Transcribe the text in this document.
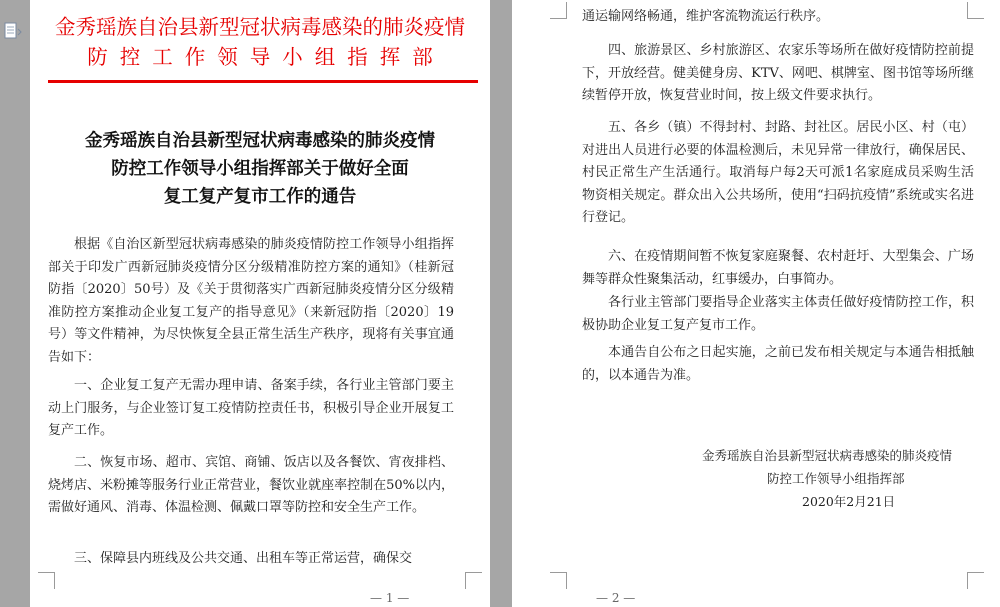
金秀瑶族自治县新型冠状病毒感染的肺炎疫情
防控工作领导小组指挥部
金秀瑶族自治县新型冠状病毒感染的肺炎疫情
防控工作领导小组指挥部关于做好全面
复工复产复市工作的通告

根据《自治区新型冠状病毒感染的肺炎疫情防控工作领导小组指挥部关于印发广西新冠肺炎疫情分区分级精准防控方案的通知》（桂新冠防指〔2020〕50号）及《关于贯彻落实广西新冠肺炎疫情分区分级精准防控方案推动企业复工复产的指导意见》（来新冠防指〔2020〕19号）等文件精神，为尽快恢复全县正常生活生产秩序，现将有关事宜通告如下：

一、企业复工复产无需办理申请、备案手续，各行业主管部门要主动上门服务，与企业签订复工疫情防控责任书，积极引导企业开展复工复产工作。

二、恢复市场、超市、宾馆、商铺、饭店以及各餐饮、宵夜排档、烧烤店、米粉摊等服务行业正常营业，餐饮业就座率控制在50%以内，需做好通风、消毒、体温检测、佩戴口罩等防控和安全生产工作。

三、保障县内班线及公共交通、出租车等正常运营，确保交

— 1 —

通运输网络畅通，维护客流物流运行秩序。

四、旅游景区、乡村旅游区、农家乐等场所在做好疫情防控前提下，开放经营。健美健身房、KTV、网吧、棋牌室、图书馆等场所继续暂停开放，恢复营业时间，按上级文件要求执行。

五、各乡（镇）不得封村、封路、封社区。居民小区、村（屯）对进出人员进行必要的体温检测后，未见异常一律放行，确保居民、村民正常生产生活通行。取消每户每2天可派1名家庭成员采购生活物资相关规定。群众出入公共场所，使用“扫码抗疫情”系统或实名进行登记。

六、在疫情期间暂不恢复家庭聚餐、农村赶圩、大型集会、广场舞等群众性聚集活动，红事缓办，白事简办。

各行业主管部门要指导企业落实主体责任做好疫情防控工作，积极协助企业复工复产复市工作。

本通告自公布之日起实施，之前已发布相关规定与本通告相抵触的，以本通告为准。

金秀瑶族自治县新型冠状病毒感染的肺炎疫情
防控工作领导小组指挥部
2020年2月21日
— 2 —
